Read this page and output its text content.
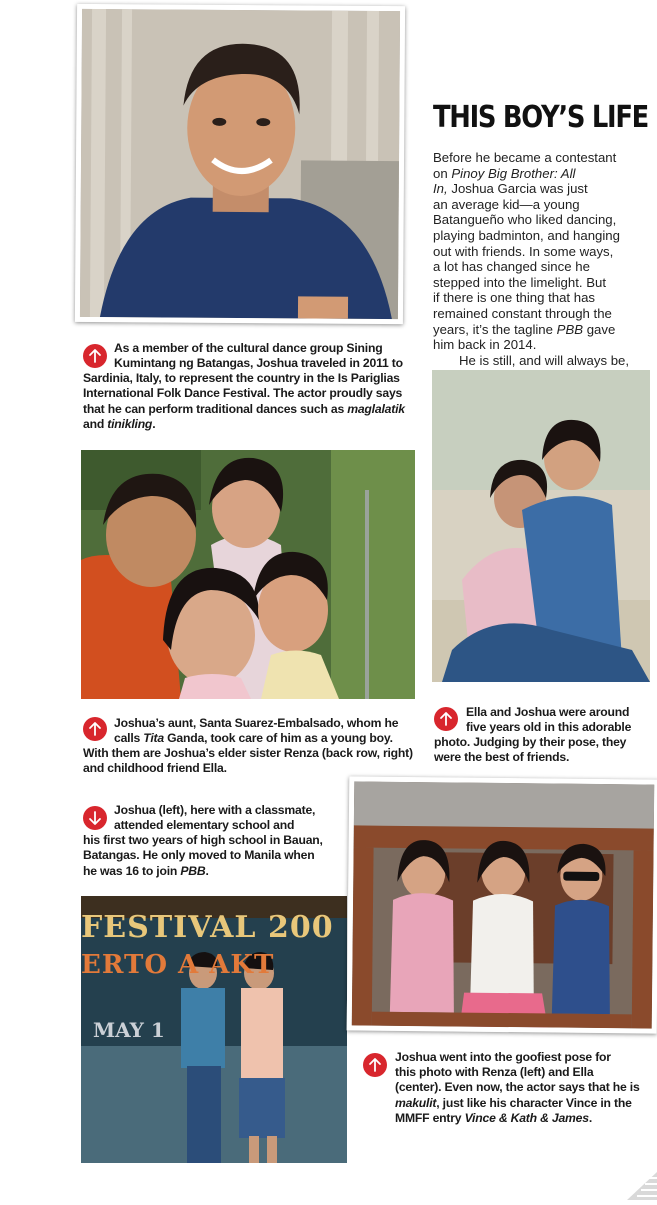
THIS BOY’S LIFE

Before he became a contestant

on Pinoy Big Brother: All

In, Joshua Garcia was just

an average kid—a young

Batangueño who liked dancing,

playing badminton, and hanging

out with friends. In some ways,

a lot has changed since he

stepped into the limelight. But

if there is one thing that has

remained constant through the

years, it’s the tagline PBB gave

him back in 2014.

He is still, and will always be,

As a member of the cultural dance group Sining
Kumintang ng Batangas, Joshua traveled in 2011 to
Sardinia, Italy, to represent the country in the Is Pariglias
International Folk Dance Festival. The actor proudly says
that he can perform traditional dances such as maglalatik
and tinikling.
Joshua’s aunt, Santa Suarez-Embalsado, whom he
calls Tita Ganda, took care of him as a young boy.
With them are Joshua’s elder sister Renza (back row, right)
and childhood friend Ella.
Joshua (left), here with a classmate,
attended elementary school and
his first two years of high school in Bauan,
Batangas. He only moved to Manila when
he was 16 to join PBB.
Ella and Joshua were around
five years old in this adorable
photo. Judging by their pose, they
were the best of friends.
FESTIVAL 200
ERTO A AKT
MAY 1
Joshua went into the goofiest pose for
this photo with Renza (left) and Ella
(center). Even now, the actor says that he is
makulit, just like his character Vince in the
MMFF entry Vince & Kath & James.
